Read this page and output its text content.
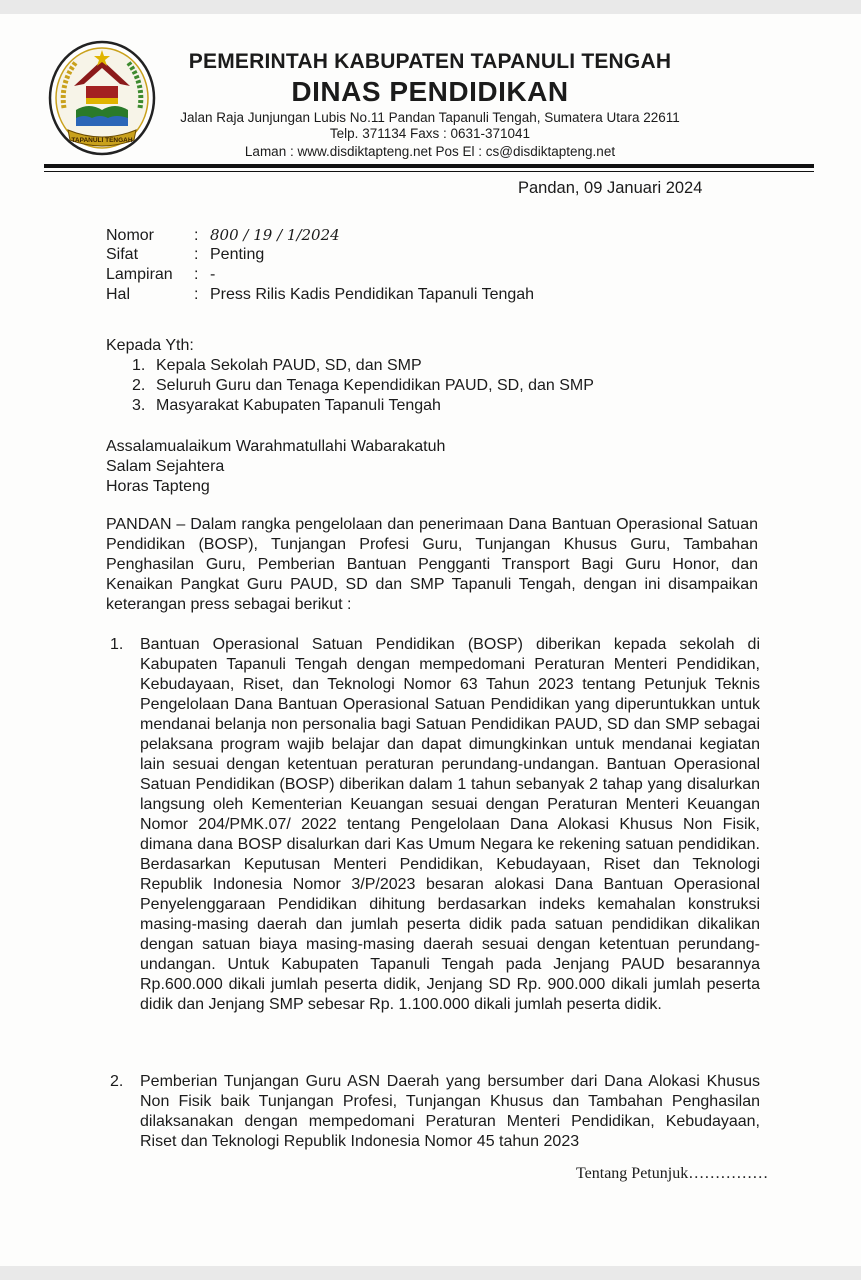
TAPANULI TENGAH
PEMERINTAH KABUPATEN TAPANULI TENGAH
DINAS PENDIDIKAN
Jalan Raja Junjungan Lubis No.11 Pandan Tapanuli Tengah, Sumatera Utara 22611
Telp. 371134 Faxs : 0631-371041
Laman : www.disdiktapteng.net Pos El : cs@disdiktapteng.net
Pandan, 09 Januari 2024
Nomor : 800 / 19 / 1/2024
Sifat	: Penting
Lampiran : -
Hal	: Press Rilis Kadis Pendidikan Tapanuli Tengah
Kepada Yth:
1. Kepala Sekolah PAUD, SD, dan SMP
2. Seluruh Guru dan Tenaga Kependidikan PAUD, SD, dan SMP
3. Masyarakat Kabupaten Tapanuli Tengah
Assalamualaikum Warahmatullahi Wabarakatuh
Salam Sejahtera
Horas Tapteng
PANDAN – Dalam rangka pengelolaan dan penerimaan Dana Bantuan Operasional Satuan Pendidikan (BOSP), Tunjangan Profesi Guru, Tunjangan Khusus Guru, Tambahan Penghasilan Guru, Pemberian Bantuan Pengganti Transport Bagi Guru Honor, dan Kenaikan Pangkat Guru PAUD, SD dan SMP Tapanuli Tengah, dengan ini disampaikan keterangan press sebagai berikut :
1. Bantuan Operasional Satuan Pendidikan (BOSP) diberikan kepada sekolah di Kabupaten Tapanuli Tengah dengan mempedomani Peraturan Menteri Pendidikan, Kebudayaan, Riset, dan Teknologi Nomor 63 Tahun 2023 tentang Petunjuk Teknis Pengelolaan Dana Bantuan Operasional Satuan Pendidikan yang diperuntukkan untuk mendanai belanja non personalia bagi Satuan Pendidikan PAUD, SD dan SMP sebagai pelaksana program wajib belajar dan dapat dimungkinkan untuk mendanai kegiatan lain sesuai dengan ketentuan peraturan perundang-undangan. Bantuan Operasional Satuan Pendidikan (BOSP) diberikan dalam 1 tahun sebanyak 2 tahap yang disalurkan langsung oleh Kementerian Keuangan sesuai dengan Peraturan Menteri Keuangan Nomor 204/PMK.07/ 2022 tentang Pengelolaan Dana Alokasi Khusus Non Fisik, dimana dana BOSP disalurkan dari Kas Umum Negara ke rekening satuan pendidikan. Berdasarkan Keputusan Menteri Pendidikan, Kebudayaan, Riset dan Teknologi Republik Indonesia Nomor 3/P/2023 besaran alokasi Dana Bantuan Operasional Penyelenggaraan Pendidikan dihitung berdasarkan indeks kemahalan konstruksi masing-masing daerah dan jumlah peserta didik pada satuan pendidikan dikalikan dengan satuan biaya masing-masing daerah sesuai dengan ketentuan perundang-undangan. Untuk Kabupaten Tapanuli Tengah pada Jenjang PAUD besarannya Rp.600.000 dikali jumlah peserta didik, Jenjang SD Rp. 900.000 dikali jumlah peserta didik dan Jenjang SMP sebesar Rp. 1.100.000 dikali jumlah peserta didik.
2. Pemberian Tunjangan Guru ASN Daerah yang bersumber dari Dana Alokasi Khusus Non Fisik baik Tunjangan Profesi, Tunjangan Khusus dan Tambahan Penghasilan dilaksanakan dengan mempedomani Peraturan Menteri Pendidikan, Kebudayaan, Riset dan Teknologi Republik Indonesia Nomor 45 tahun 2023
Tentang Petunjuk……………
